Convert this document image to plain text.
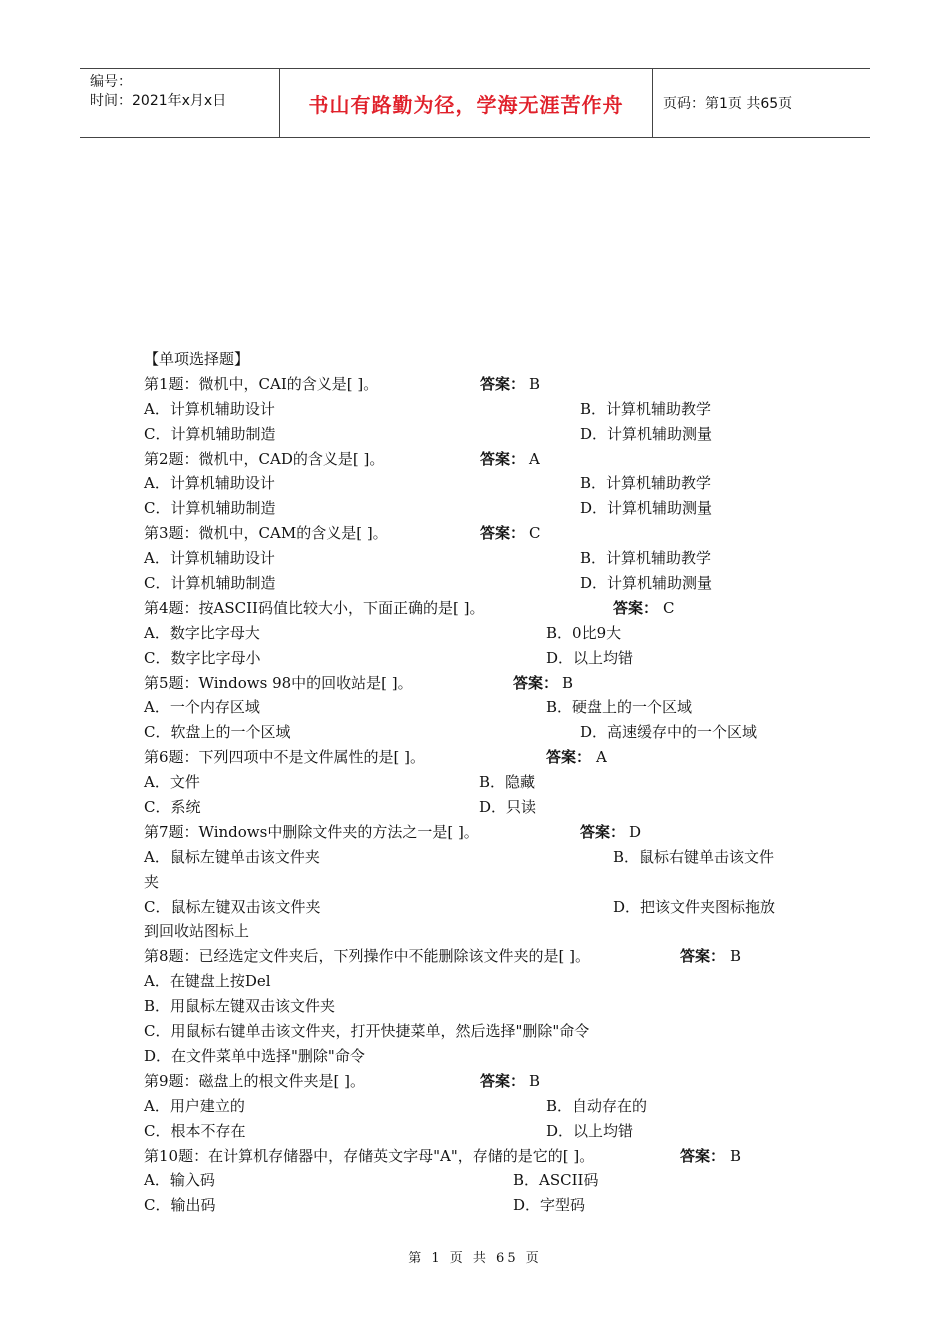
编号：
时间：2021年x月x日	书山有路勤为径，学海无涯苦作舟	页码：第1页 共65页
【单项选择题】
第1题：微机中，CAI的含义是[ ]。	答案： B
A．计算机辅助设计	B．计算机辅助教学
C．计算机辅助制造	D．计算机辅助测量
第2题：微机中，CAD的含义是[ ]。	答案： A
A．计算机辅助设计	B．计算机辅助教学
C．计算机辅助制造	D．计算机辅助测量
第3题：微机中，CAM的含义是[ ]。	答案： C
A．计算机辅助设计	B．计算机辅助教学
C．计算机辅助制造	D．计算机辅助测量
第4题：按ASCII码值比较大小，下面正确的是[ ]。	答案： C
A．数字比字母大	B．0比9大
C．数字比字母小	D．以上均错
第5题：Windows 98中的回收站是[ ]。	答案： B
A．一个内存区域	B．硬盘上的一个区域
C．软盘上的一个区域	D．高速缓存中的一个区域
第6题：下列四项中不是文件属性的是[ ]。	答案： A
A．文件	B．隐藏
C．系统	D．只读
第7题：Windows中删除文件夹的方法之一是[ ]。	答案： D
A．鼠标左键单击该文件夹	B．鼠标右键单击该文件
夹
C．鼠标左键双击该文件夹	D．把该文件夹图标拖放
到回收站图标上
第8题：已经选定文件夹后，下列操作中不能删除该文件夹的是[ ]。	答案： B
A．在键盘上按Del
B．用鼠标左键双击该文件夹
C．用鼠标右键单击该文件夹，打开快捷菜单，然后选择"删除"命令
D．在文件菜单中选择"删除"命令
第9题：磁盘上的根文件夹是[ ]。	答案： B
A．用户建立的	B．自动存在的
C．根本不存在	D．以上均错
第10题：在计算机存储器中，存储英文字母"A"，存储的是它的[ ]。	答案： B
A．输入码	B．ASCII码
C．输出码	D．字型码
第 1 页 共 65 页
